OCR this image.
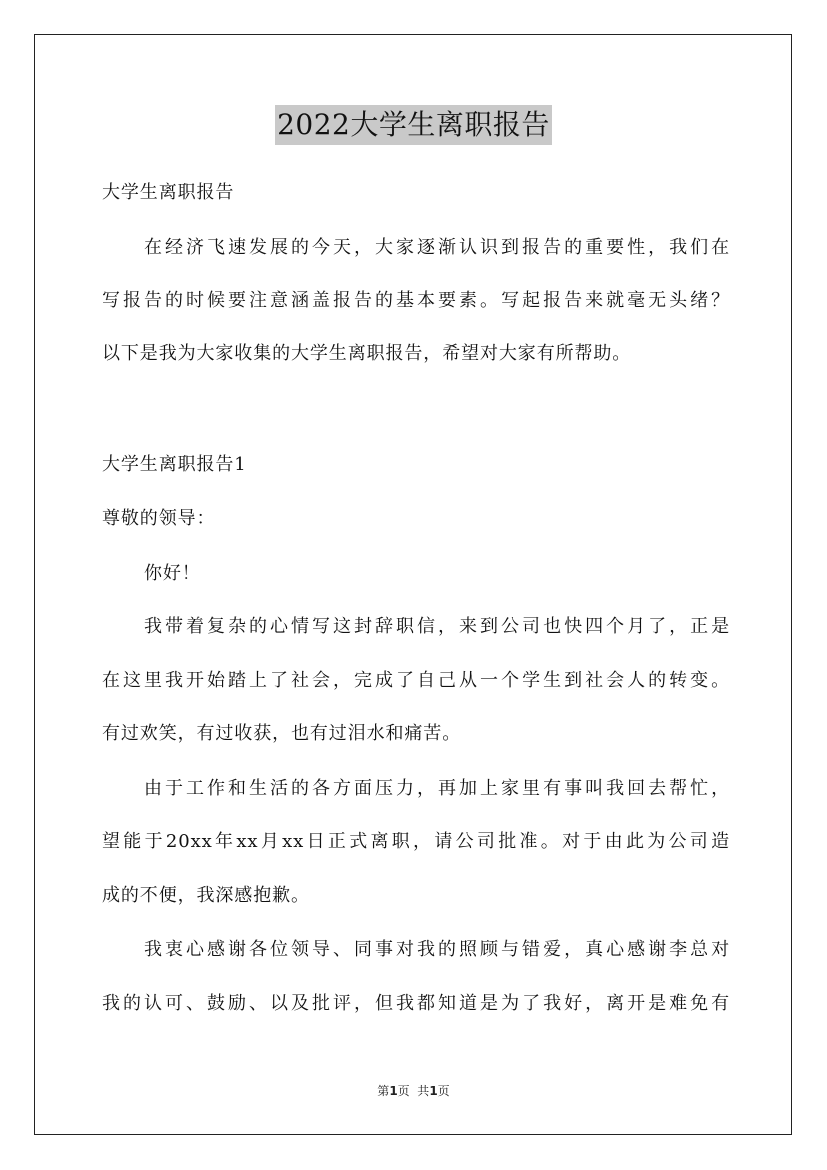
2022大学生离职报告
大学生离职报告
在经济飞速发展的今天，大家逐渐认识到报告的重要性，我们在
写报告的时候要注意涵盖报告的基本要素。写起报告来就毫无头绪？
以下是我为大家收集的大学生离职报告，希望对大家有所帮助。
大学生离职报告1
尊敬的领导：
你好！
我带着复杂的心情写这封辞职信，来到公司也快四个月了，正是
在这里我开始踏上了社会，完成了自己从一个学生到社会人的转变。
有过欢笑，有过收获，也有过泪水和痛苦。
由于工作和生活的各方面压力，再加上家里有事叫我回去帮忙，
望能于20xx年xx月xx日正式离职，请公司批准。对于由此为公司造
成的不便，我深感抱歉。
我衷心感谢各位领导、同事对我的照顾与错爱，真心感谢李总对
我的认可、鼓励、以及批评，但我都知道是为了我好，离开是难免有
第1页  共1页
